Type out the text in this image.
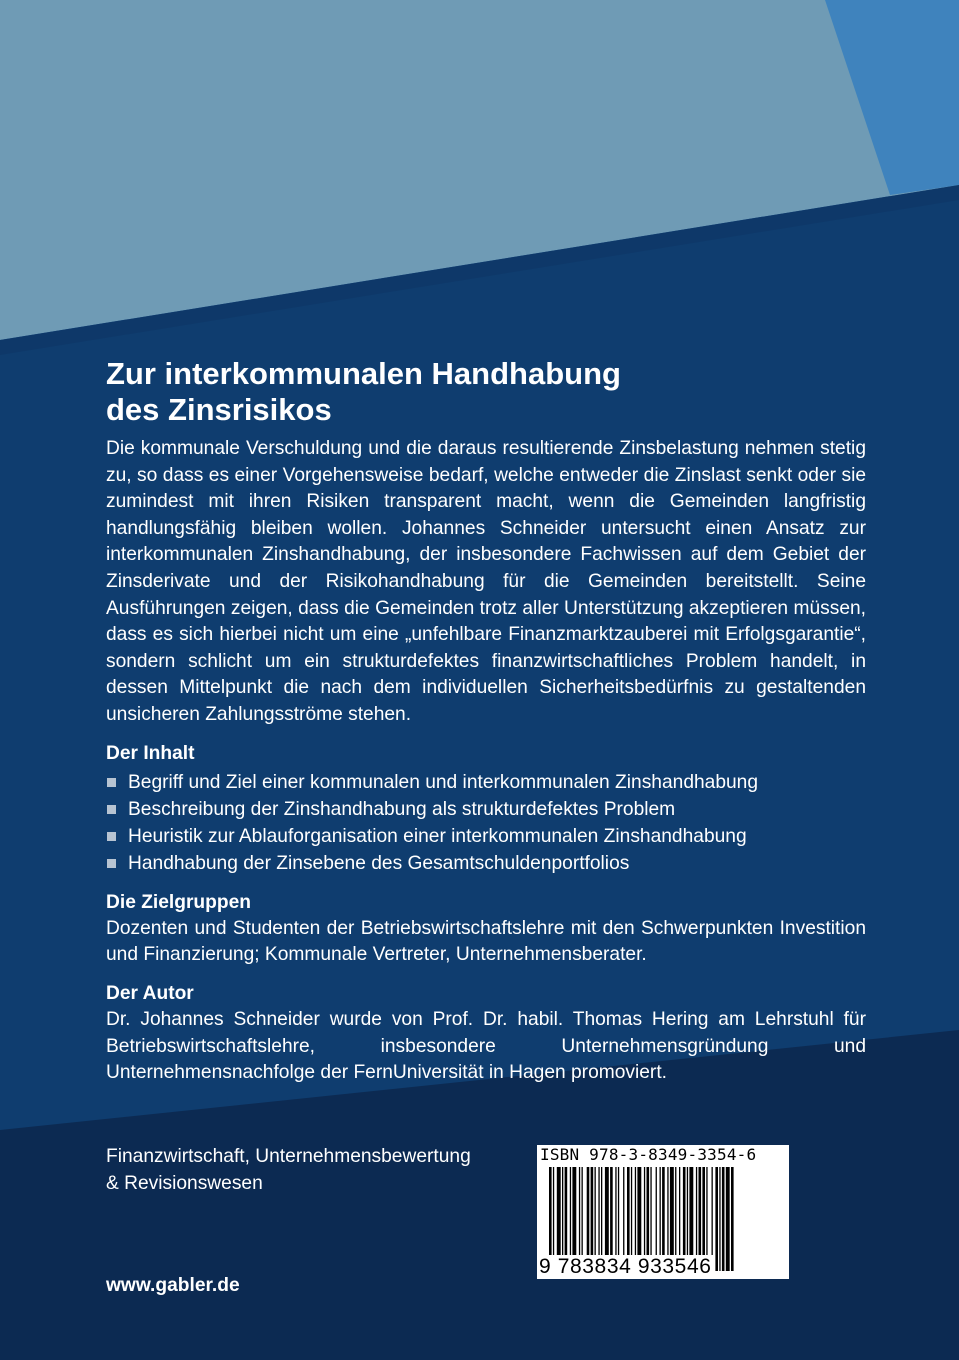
Zur interkommunalen Handhabung
des Zinsrisikos

Die kommunale Verschuldung und die daraus resultierende Zinsbelastung nehmen stetig zu, so dass es einer Vorgehensweise bedarf, welche entweder die Zinslast senkt oder sie zumindest mit ihren Risiken transparent macht, wenn die Gemeinden langfristig handlungsfähig bleiben wollen. Johannes Schneider untersucht einen Ansatz zur interkommunalen Zinshandhabung, der insbesondere Fachwissen auf dem Gebiet der Zinsderivate und der Risikohandhabung für die Gemeinden bereitstellt. Seine Ausführungen zeigen, dass die Gemeinden trotz aller Unterstützung akzeptieren müssen, dass es sich hierbei nicht um eine „unfehlbare Finanzmarktzauberei mit Erfolgsgarantie“, sondern schlicht um ein strukturdefektes finanzwirtschaftliches Problem handelt, in dessen Mittelpunkt die nach dem individuellen Sicherheitsbedürfnis zu gestaltenden unsicheren Zahlungsströme stehen.

Der Inhalt
Begriff und Ziel einer kommunalen und interkommunalen Zinshandhabung
Beschreibung der Zinshandhabung als strukturdefektes Problem
Heuristik zur Ablauforganisation einer interkommunalen Zinshandhabung
Handhabung der Zinsebene des Gesamtschuldenportfolios
Die Zielgruppen

Dozenten und Studenten der Betriebswirtschaftslehre mit den Schwerpunkten Investition und Finanzierung; Kommunale Vertreter, Unternehmensberater.

Der Autor

Dr. Johannes Schneider wurde von Prof. Dr. habil. Thomas Hering am Lehrstuhl für Betriebswirtschaftslehre, insbesondere Unternehmensgründung und Unternehmensnachfolge der FernUniversität in Hagen promoviert.

Finanzwirtschaft, Unternehmensbewertung
& Revisionswesen
ISBN 978-3-8349-3354-6
9 783834 933546
www.gabler.de
